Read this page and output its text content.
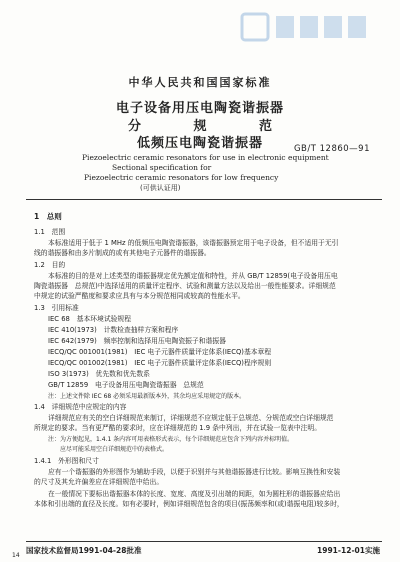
中华人民共和国国家标准
电子设备用压电陶瓷谐振器
分	规	范
低频压电陶瓷谐振器	GB/T 12860—91
Piezoelectric ceramic resonators for use in electronic equipment
Sectional specification for
Piezoelectric ceramic resonators for low frequency
(可供认证用)
1　总则
1.1　范围
本标准适用于低于 1 MHz 的低频压电陶瓷谐振器，该谐振器预定用于电子设备，但不适用于无引
线的谐振器和由多片制成的或有其他电子元器件的谐振器。
1.2　目的
本标准的目的是对上述类型的谐振器规定优先额定值和特性，并从 GB/T 12859(电子设备用压电
陶瓷谐振器　总规范)中选择适用的质量评定程序、试验和测量方法以及给出一般性能要求。详细规范
中规定的试验严酷度和要求应具有与本分规范相同或较高的性能水平。
1.3　引用标准
IEC 68　基本环境试验规程
IEC 410(1973)　计数检查抽样方案和程序
IEC 642(1979)　频率控制和选择用压电陶瓷振子和谐振器
IECQ/QC 001001(1981)　IEC 电子元器件质量评定体系(IECQ)基本章程
IECQ/QC 001002(1981)　IEC 电子元器件质量评定体系(IECQ)程序规则
ISO 3(1973)　优先数和优先数系
GB/T 12859　电子设备用压电陶瓷谐振器　总规范
注：上述文件除 IEC 68 必须采用最新版本外，其余均应采用规定的版本。
1.4　详细规范中应规定的内容
详细规范应有关的空白详细规范来制订，详细规范不应规定低于总规范、分规范或空白详细规范
所规定的要求。当有更严酷的要求时，应在详细规范的 1.9 条中列出，并在试验一览表中注明。
注：为方便起见，1.4.1 条内容可用表格形式表示，每个详细规范应包含下列内容并标明值。
应尽可能采用空白详细规范中的表格式。
1.4.1　外形图和尺寸
应有一个谐振器的外形图作为辅助手段，以便于识别并与其他谐振器进行比较。影响互换性和安装
的尺寸及其允许偏差应在详细规范中给出。
在一般情况下要标出谐振器本体的长度、宽度、高度及引出端的间距，如为圆柱形的谐振器应给出
本体和引出端的直径及长度。如有必要时，例如详细规范包含的项目(振荡频率和(或)谐振电阻)较多时，
国家技术监督局1991-04-28批准	1991-12-01实施
14
